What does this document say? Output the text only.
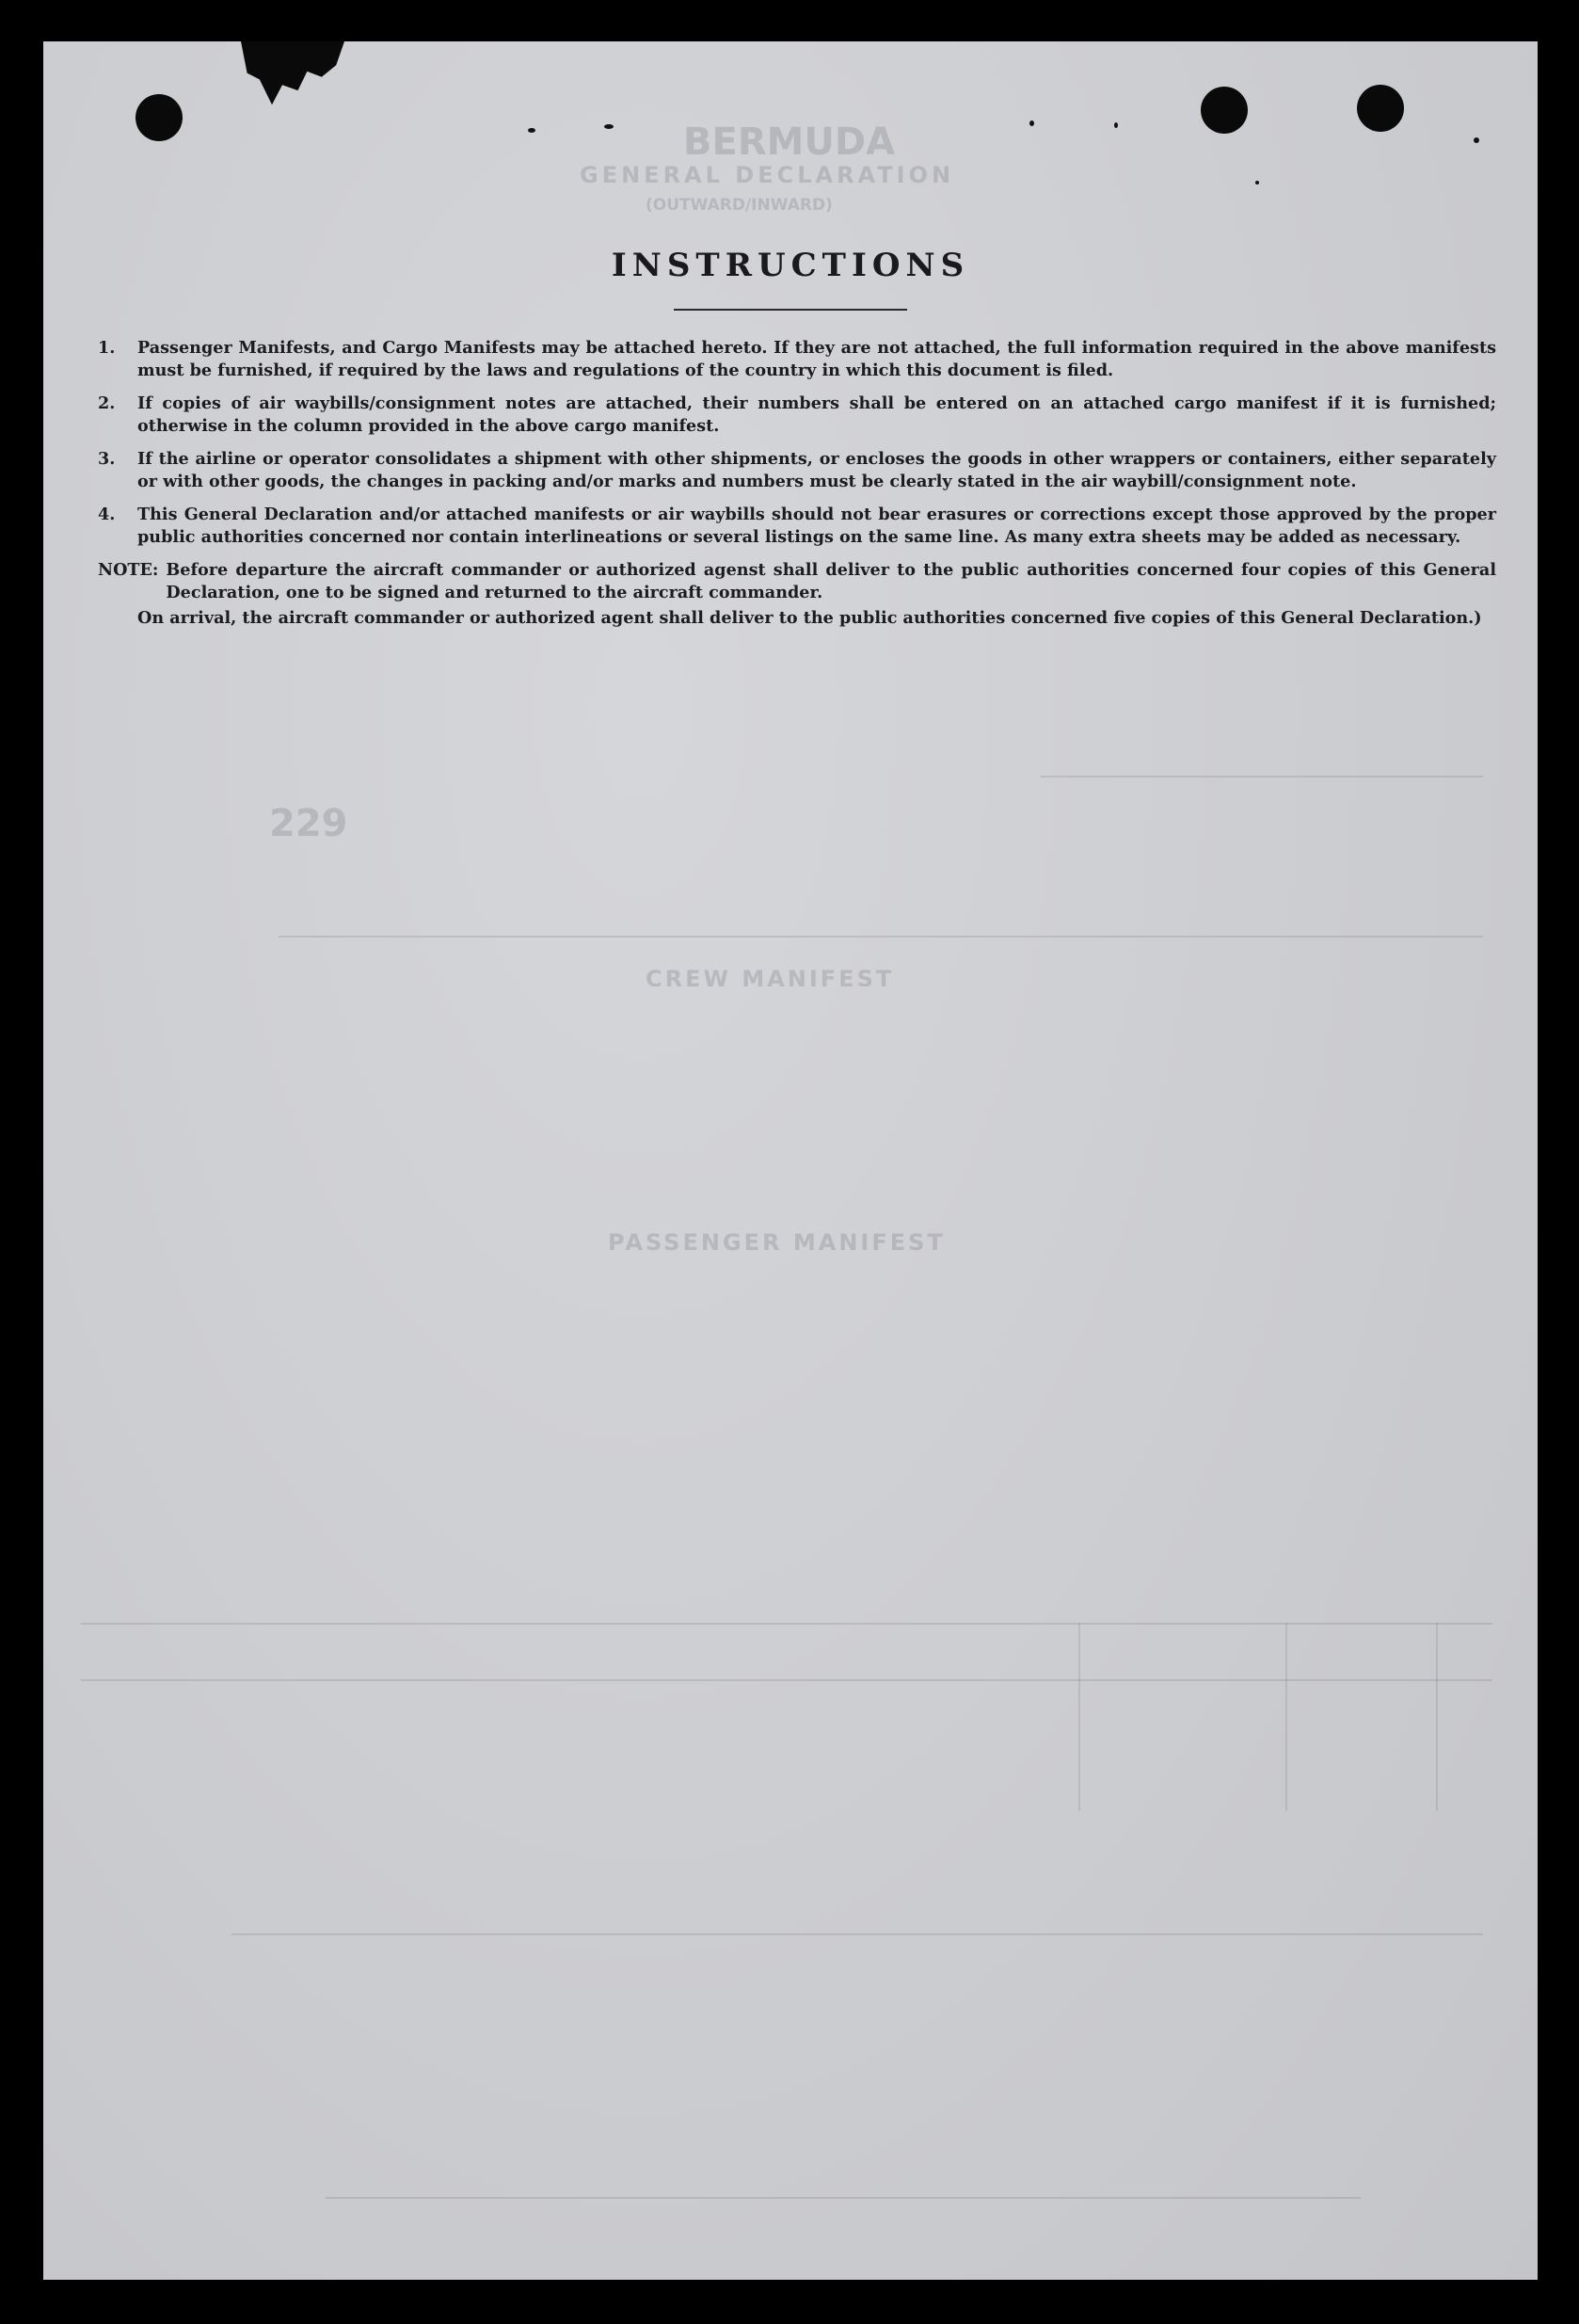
BERMUDA
GENERAL DECLARATION
(OUTWARD/INWARD)
CREW MANIFEST
PASSENGER MANIFEST
229
INSTRUCTIONS
1.	Passenger Manifests, and Cargo Manifests may be attached hereto. If they are not attached, the full information required in the above manifests must be furnished, if required by the laws and regulations of the country in which this document is filed.
2.	If copies of air waybills/consignment notes are attached, their numbers shall be entered on an attached cargo manifest if it is furnished; otherwise in the column provided in the above cargo manifest.
3.	If the airline or operator consolidates a shipment with other shipments, or encloses the goods in other wrappers or containers, either separately or with other goods, the changes in packing and/or marks and numbers must be clearly stated in the air waybill/consignment note.
4.	This General Declaration and/or attached manifests or air waybills should not bear erasures or corrections except those approved by the proper public authorities concerned nor contain interlineations or several listings on the same line. As many extra sheets may be added as necessary.
NOTE: Before departure the aircraft commander or authorized agenst shall deliver to the public authorities concerned four copies of this General Declaration, one to be signed and returned to the aircraft commander.
On arrival, the aircraft commander or authorized agent shall deliver to the public authorities concerned five copies of this General Declaration.)
